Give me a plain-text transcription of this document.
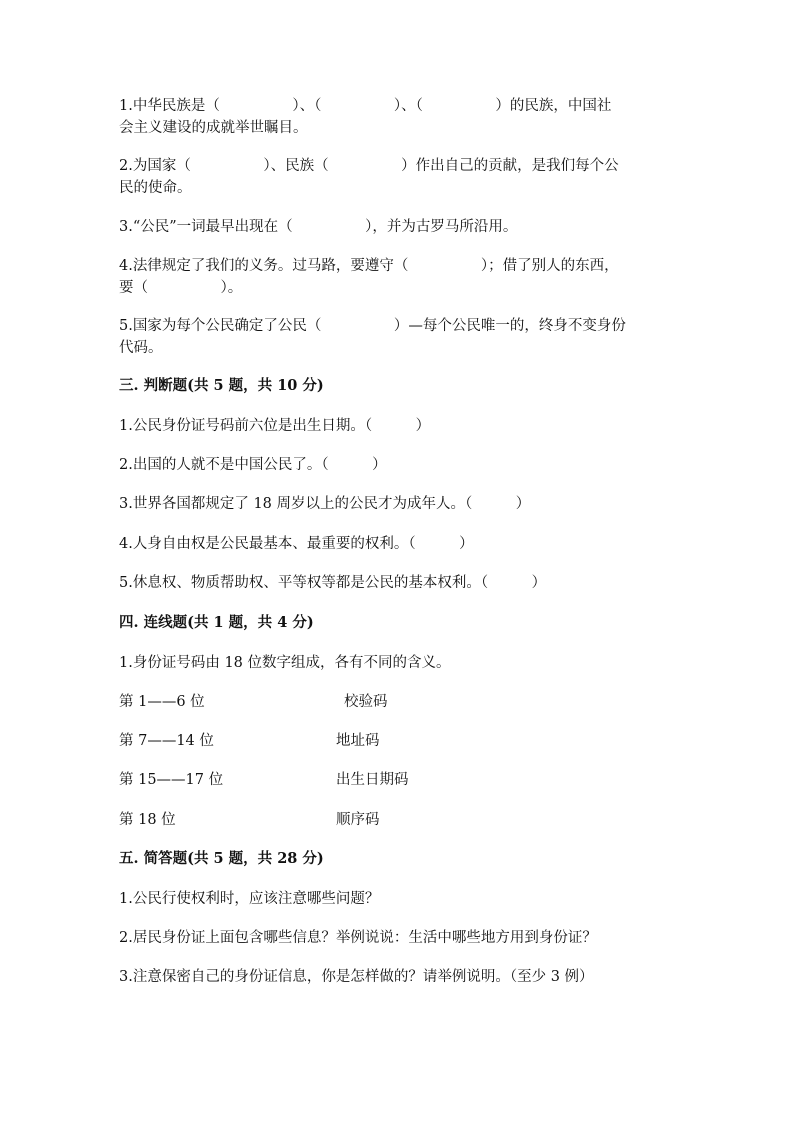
1.中华民族是（　　　　　）、（　　　　　）、（　　　　　）的民族，中国社
会主义建设的成就举世瞩目。
2.为国家（　　　　　）、民族（　　　　　）作出自己的贡献，是我们每个公
民的使命。
3.“公民”一词最早出现在（　　　　　），并为古罗马所沿用。
4.法律规定了我们的义务。过马路，要遵守（　　　　　）；借了别人的东西，
要（　　　　　）。
5.国家为每个公民确定了公民（　　　　　）—每个公民唯一的，终身不变身份
代码。
三. 判断题(共 5 题，共 10 分)
1.公民身份证号码前六位是出生日期。（　　　）
2.出国的人就不是中国公民了。（　　　）
3.世界各国都规定了 18 周岁以上的公民才为成年人。（　　　）
4.人身自由权是公民最基本、最重要的权利。（　　　）
5.休息权、物质帮助权、平等权等都是公民的基本权利。（　　　）
四. 连线题(共 1 题，共 4 分)
1.身份证号码由 18 位数字组成，各有不同的含义。
第 1——6 位	校验码
第 7——14 位	地址码
第 15——17 位	出生日期码
第 18 位	顺序码
五. 简答题(共 5 题，共 28 分)
1.公民行使权利时，应该注意哪些问题？
2.居民身份证上面包含哪些信息？举例说说：生活中哪些地方用到身份证？
3.注意保密自己的身份证信息，你是怎样做的？请举例说明。（至少 3 例）
